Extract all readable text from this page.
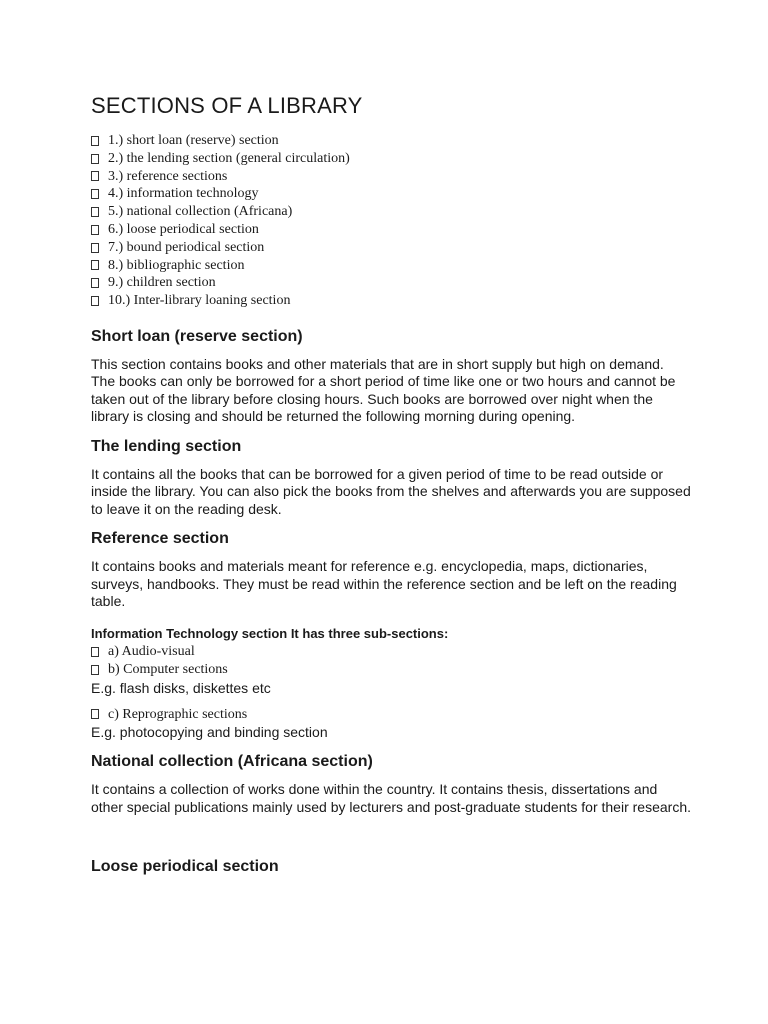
SECTIONS OF A LIBRARY
1.) short loan (reserve) section
2.) the lending section (general circulation)
3.) reference sections
4.) information technology
5.) national collection (Africana)
6.) loose periodical section
7.) bound periodical section
8.) bibliographic section
9.) children section
10.) Inter-library loaning section
Short loan (reserve section)

This section contains books and other materials that are in short supply but high on demand. The books can only be borrowed for a short period of time like one or two hours and cannot be taken out of the library before closing hours. Such books are borrowed over night when the library is closing and should be returned the following morning during opening.

The lending section

It contains all the books that can be borrowed for a given period of time to be read outside or inside the library. You can also pick the books from the shelves and afterwards you are supposed to leave it on the reading desk.

Reference section

It contains books and materials meant for reference e.g. encyclopedia, maps, dictionaries, surveys, handbooks. They must be read within the reference section and be left on the reading table.

Information Technology section It has three sub-sections:
a) Audio-visual
b) Computer sections
E.g. flash disks, diskettes etc
c) Reprographic sections
E.g. photocopying and binding section
National collection (Africana section)

It contains a collection of works done within the country. It contains thesis, dissertations and other special publications mainly used by lecturers and post-graduate students for their research.

Loose periodical section
